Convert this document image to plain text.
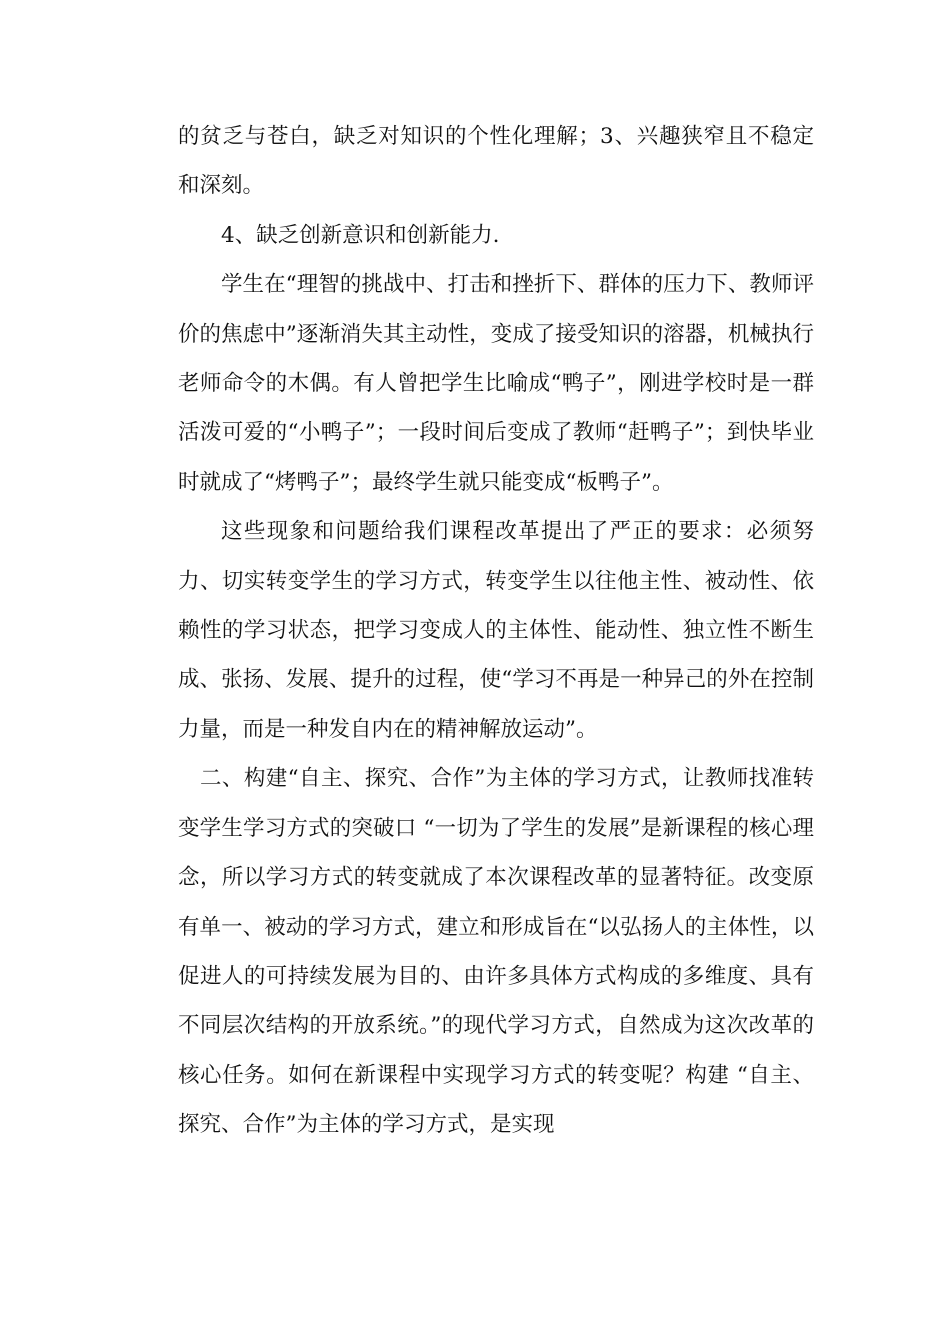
的贫乏与苍白，缺乏对知识的个性化理解；3、兴趣狭窄且不稳定和深刻。

4、缺乏创新意识和创新能力.

学生在“理智的挑战中、打击和挫折下、群体的压力下、教师评价的焦虑中”逐渐消失其主动性，变成了接受知识的溶器，机械执行老师命令的木偶。有人曾把学生比喻成“鸭子”，刚进学校时是一群活泼可爱的“小鸭子”；一段时间后变成了教师“赶鸭子”；到快毕业时就成了“烤鸭子”；最终学生就只能变成“板鸭子”。

这些现象和问题给我们课程改革提出了严正的要求：必须努力、切实转变学生的学习方式，转变学生以往他主性、被动性、依赖性的学习状态，把学习变成人的主体性、能动性、独立性不断生成、张扬、发展、提升的过程，使“学习不再是一种异己的外在控制力量，而是一种发自内在的精神解放运动”。

二、构建“自主、探究、合作”为主体的学习方式，让教师找准转变学生学习方式的突破口 “一切为了学生的发展”是新课程的核心理念，所以学习方式的转变就成了本次课程改革的显著特征。改变原有单一、被动的学习方式，建立和形成旨在“以弘扬人的主体性，以促进人的可持续发展为目的、由许多具体方式构成的多维度、具有不同层次结构的开放系统。”的现代学习方式，自然成为这次改革的核心任务。如何在新课程中实现学习方式的转变呢？构建 “自主、探究、合作”为主体的学习方式，是实现
